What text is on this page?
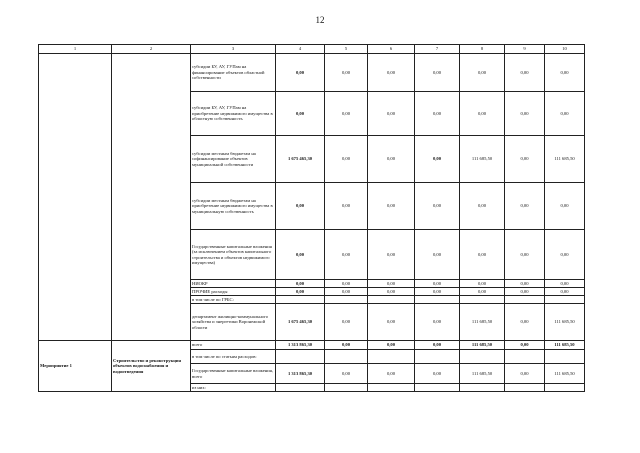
12
1	2	3	4	5	6	7	8	9	10
		субсидии БУ, АУ, ГУПам на финансирование объектов областной собственности	0,00	0,00	0,00	0,00	0,00	0,00	0,00
		субсидии БУ, АУ, ГУПам на приобретение недвижимого имущества в областную собственность	0,00	0,00	0,00	0,00	0,00	0,00	0,00
		субсидии местным бюджетам на софинансирование объектов муниципальной собственности	1 675 465,30	0,00	0,00	0,00	111 685,50	0,00	111 685,50
		субсидии местным бюджетам на приобретение недвижимого имущества в муниципальную собственность	0,00	0,00	0,00	0,00	0,00	0,00	0,00
		Государственные капитальные вложения (за исключением объектов капитального строительства и объектов недвижимого имущества)	0,00	0,00	0,00	0,00	0,00	0,00	0,00
		НИОКР	0,00	0,00	0,00	0,00	0,00	0,00	0,00
		ПРОЧИЕ расходы	0,00	0,00	0,00	0,00	0,00	0,00	0,00
		в том числе по ГРБС:							
		департамент жилищно-коммунального хозяйства и энергетики Воронежской области	1 675 465,30	0,00	0,00	0,00	111 685,50	0,00	111 685,50
Мероприятие 1	Строительство и реконструкция объектов водоснабжения и водоотведения	всего	1 313 865,30	0,00	0,00	0,00	111 685,50	0,00	111 685,50
		в том числе по статьям расходов:							
		Государственные капитальные вложения, всего	1 313 865,30	0,00	0,00	0,00	111 685,50	0,00	111 685,50
		из них:							
